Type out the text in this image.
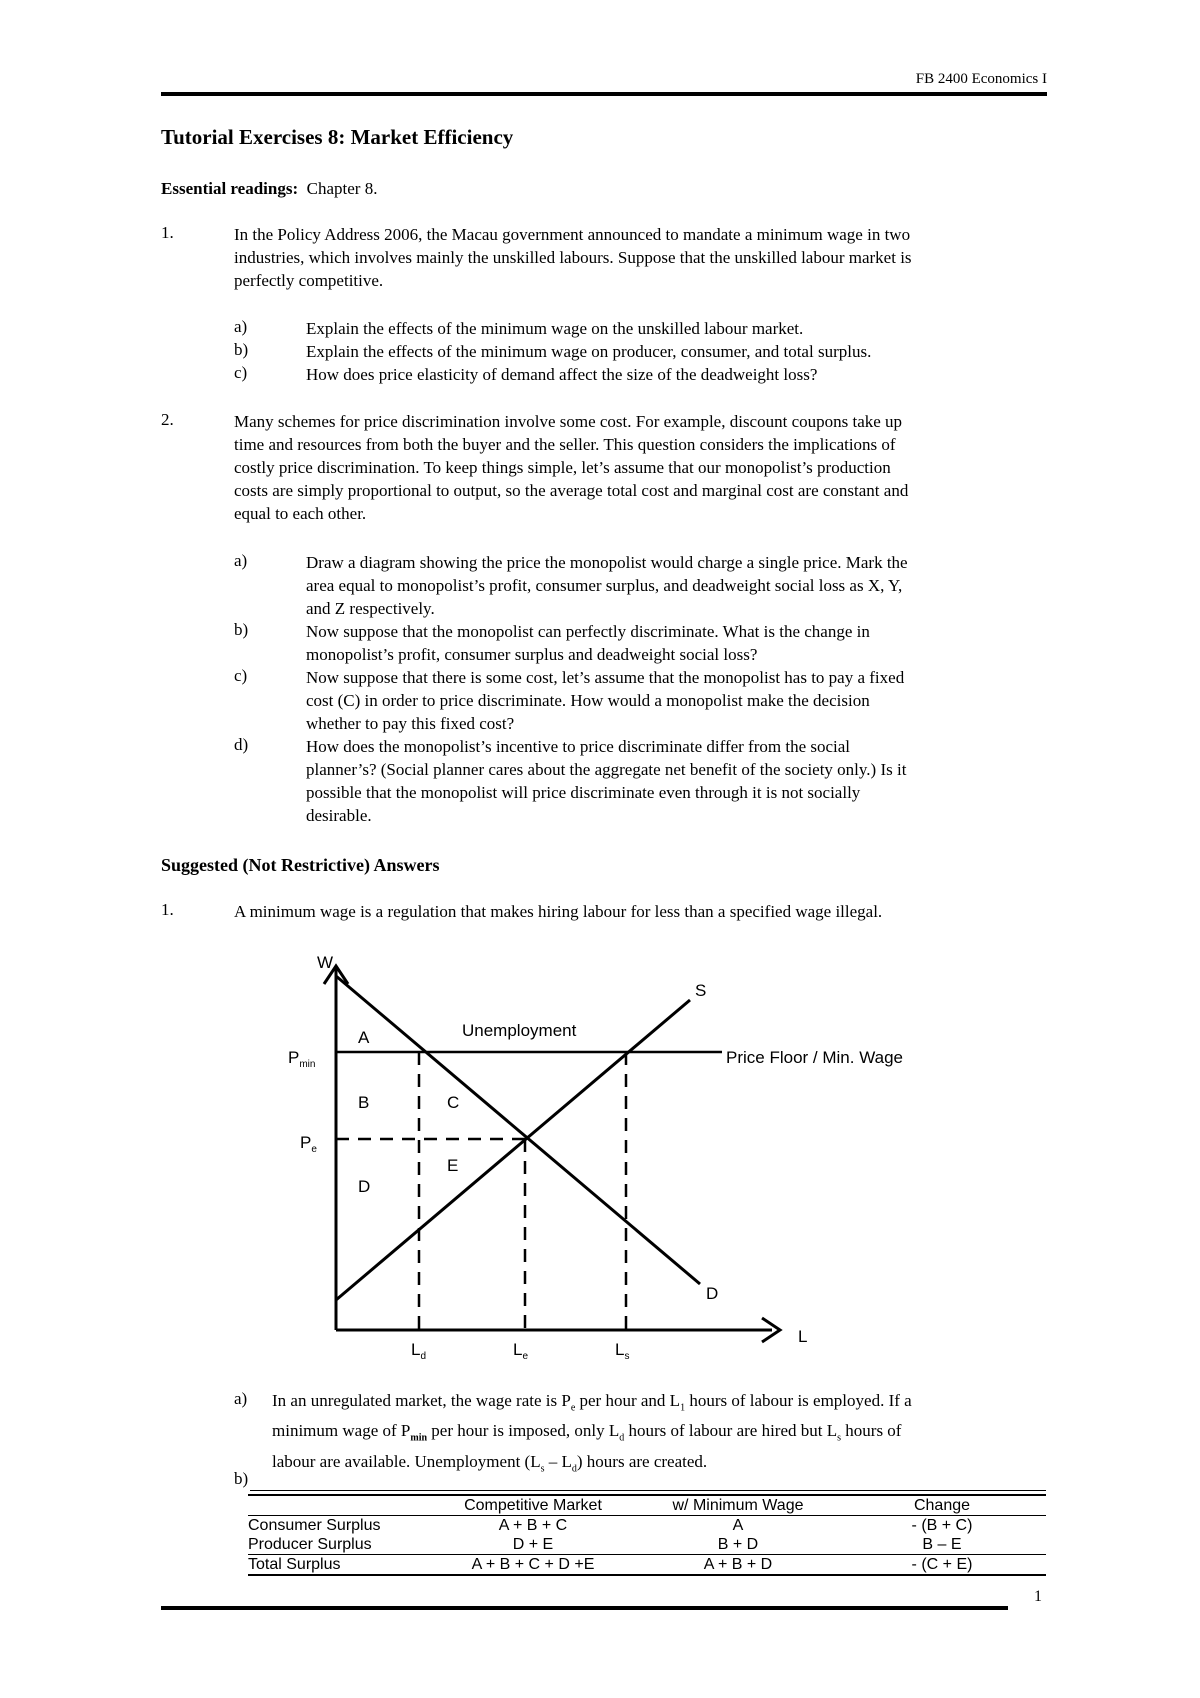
FB 2400 Economics I
Tutorial Exercises 8: Market Efficiency
Essential readings: Chapter 8.
1.	In the Policy Address 2006, the Macau government announced to mandate a minimum wage in two
industries, which involves mainly the unskilled labours. Suppose that the unskilled labour market is
perfectly competitive.
a)	Explain the effects of the minimum wage on the unskilled labour market.
b)	Explain the effects of the minimum wage on producer, consumer, and total surplus.
c)	How does price elasticity of demand affect the size of the deadweight loss?
2.	Many schemes for price discrimination involve some cost. For example, discount coupons take up
time and resources from both the buyer and the seller. This question considers the implications of
costly price discrimination. To keep things simple, let’s assume that our monopolist’s production
costs are simply proportional to output, so the average total cost and marginal cost are constant and
equal to each other.
a)	Draw a diagram showing the price the monopolist would charge a single price. Mark the
area equal to monopolist’s profit, consumer surplus, and deadweight social loss as X, Y,
and Z respectively.
b)	Now suppose that the monopolist can perfectly discriminate. What is the change in
monopolist’s profit, consumer surplus and deadweight social loss?
c)	Now suppose that there is some cost, let’s assume that the monopolist has to pay a fixed
cost (C) in order to price discriminate. How would a monopolist make the decision
whether to pay this fixed cost?
d)	How does the monopolist’s incentive to price discriminate differ from the social
planner’s? (Social planner cares about the aggregate net benefit of the society only.) Is it
possible that the monopolist will price discriminate even through it is not socially
desirable.
Suggested (Not Restrictive) Answers
1.	A minimum wage is a regulation that makes hiring labour for less than a specified wage illegal.
W
L
S
D
Unemployment
Price Floor / Min. Wage
$P_{min}$
$P_e$
A
B	C
E
D
$L_d$	$L_e$	$L_s$
a) In an unregulated market, the wage rate is $P_e$ per hour and $L_1$ hours of labour is employed. If a
minimum wage of $P_{min}$ per hour is imposed, only $L_d$ hours of labour are hired but $L_s$ hours of
labour are available. Unemployment $(L_s - L_d)$ hours are created.
b)
	Competitive Market	w/ Minimum Wage	Change
Consumer Surplus	A + B + C	A	- (B + C)
Producer Surplus	D + E	B + D	B – E
Total Surplus	A + B + C + D +E	A + B + D	- (C + E)
1
